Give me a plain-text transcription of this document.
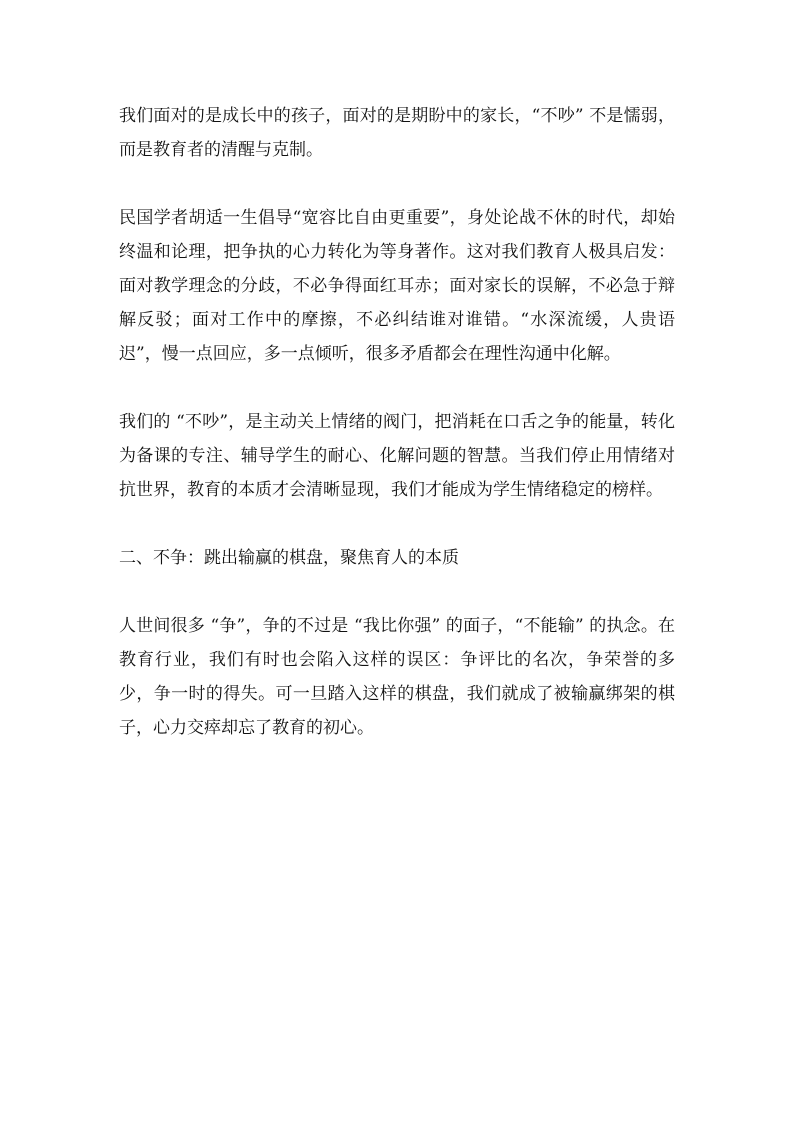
我们面对的是成长中的孩子，面对的是期盼中的家长，“不吵” 不是懦弱，而是教育者的清醒与克制。

民国学者胡适一生倡导“宽容比自由更重要”，身处论战不休的时代，却始终温和论理，把争执的心力转化为等身著作。这对我们教育人极具启发：面对教学理念的分歧，不必争得面红耳赤；面对家长的误解，不必急于辩解反驳；面对工作中的摩擦，不必纠结谁对谁错。“水深流缓，人贵语迟”，慢一点回应，多一点倾听，很多矛盾都会在理性沟通中化解。

我们的 “不吵”，是主动关上情绪的阀门，把消耗在口舌之争的能量，转化为备课的专注、辅导学生的耐心、化解问题的智慧。当我们停止用情绪对抗世界，教育的本质才会清晰显现，我们才能成为学生情绪稳定的榜样。

二、不争：跳出输赢的棋盘，聚焦育人的本质

人世间很多 “争”，争的不过是 “我比你强” 的面子，“不能输” 的执念。在教育行业，我们有时也会陷入这样的误区：争评比的名次，争荣誉的多少，争一时的得失。可一旦踏入这样的棋盘，我们就成了被输赢绑架的棋子，心力交瘁却忘了教育的初心。
